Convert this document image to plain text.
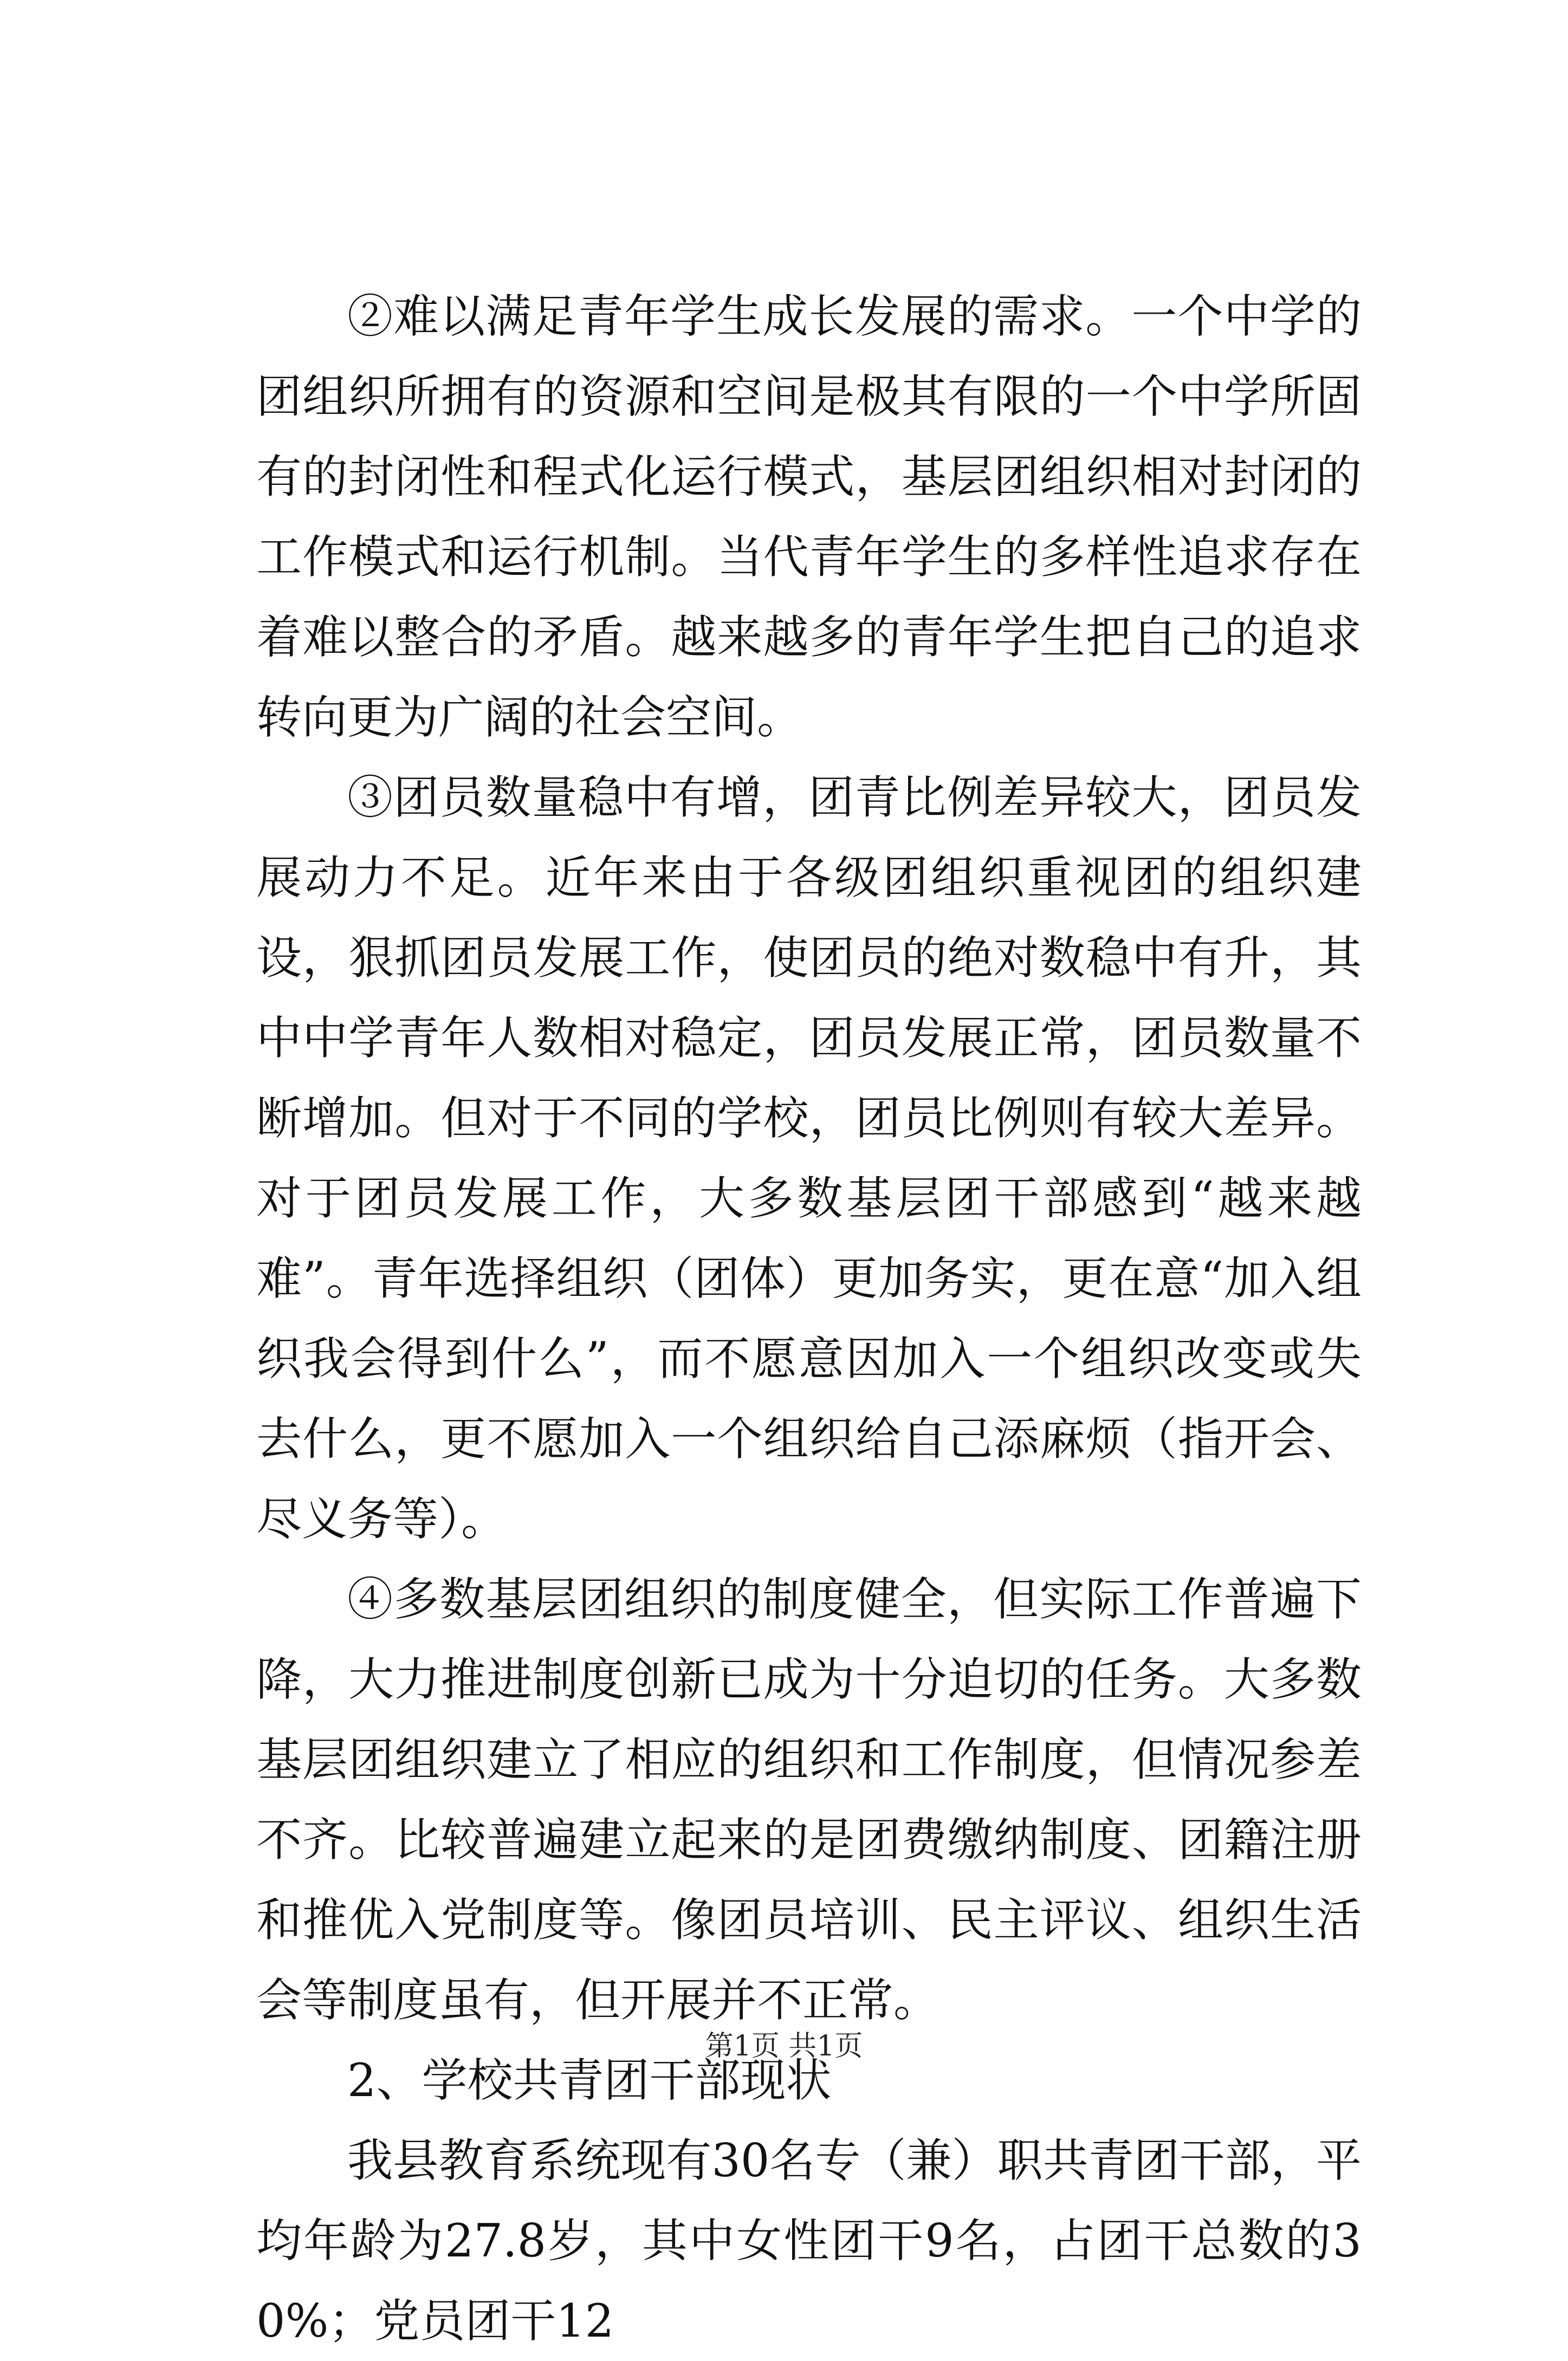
②难以满足青年学生成长发展的需求。一个中学的团组织所拥有的资源和空间是极其有限的一个中学所固有的封闭性和程式化运行模式，基层团组织相对封闭的工作模式和运行机制。当代青年学生的多样性追求存在着难以整合的矛盾。越来越多的青年学生把自己的追求转向更为广阔的社会空间。

③团员数量稳中有增，团青比例差异较大，团员发展动力不足。近年来由于各级团组织重视团的组织建设，狠抓团员发展工作，使团员的绝对数稳中有升，其中中学青年人数相对稳定，团员发展正常，团员数量不断增加。但对于不同的学校，团员比例则有较大差异。对于团员发展工作，大多数基层团干部感到“越来越难”。青年选择组织（团体）更加务实，更在意“加入组织我会得到什么”，而不愿意因加入一个组织改变或失去什么，更不愿加入一个组织给自己添麻烦（指开会、尽义务等）。

④多数基层团组织的制度健全，但实际工作普遍下降，大力推进制度创新已成为十分迫切的任务。大多数基层团组织建立了相应的组织和工作制度，但情况参差不齐。比较普遍建立起来的是团费缴纳制度、团籍注册和推优入党制度等。像团员培训、民主评议、组织生活会等制度虽有，但开展并不正常。

2、学校共青团干部现状

我县教育系统现有30名专（兼）职共青团干部，平均年龄为27.8岁，其中女性团干9名，占团干总数的30%；党员团干12

第1页 共1页
